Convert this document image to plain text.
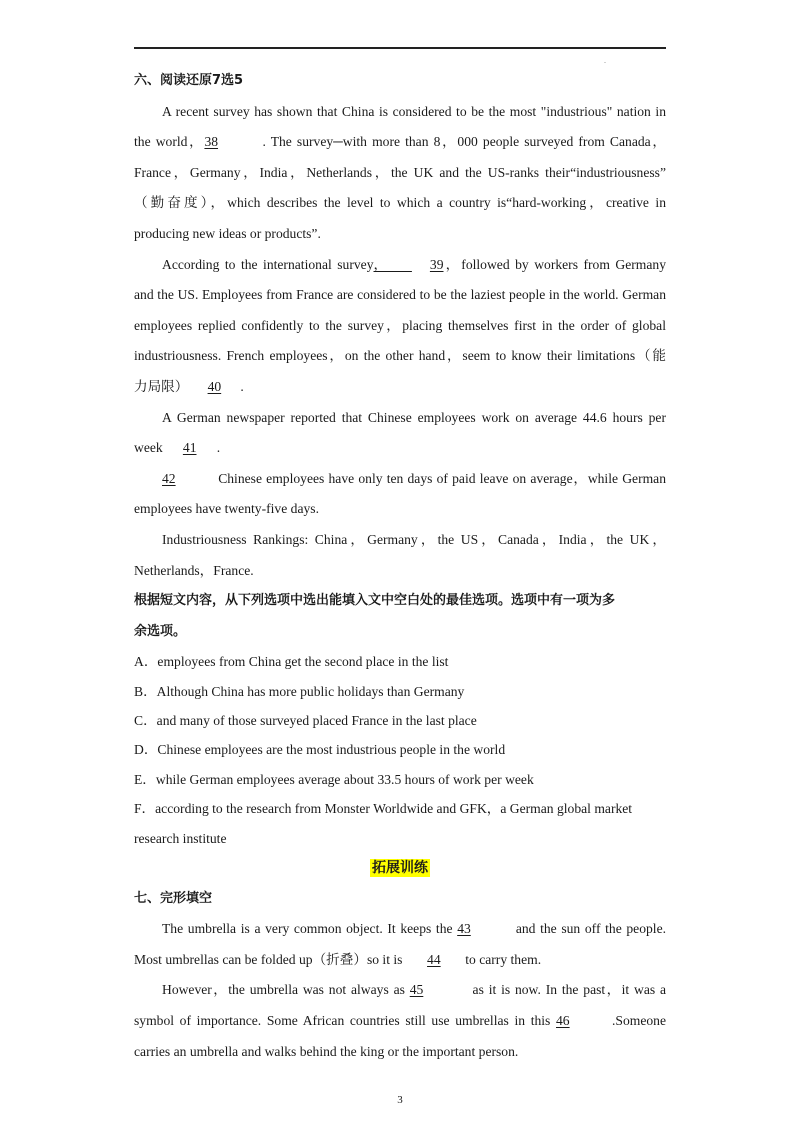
.
六、阅读还原7选5
A recent survey has shown that China is considered to be the most "industrious" nation in
the world，38	. The survey─with more than 8，000 people surveyed from Canada，
France，Germany，India，Netherlands，the UK and the US-ranks their“industriousness”
（勤奋度），which describes the level to which a country is“hard-working，creative in
producing new ideas or products”.
According to the international survey， 39，followed by workers from Germany
and the US. Employees from France are considered to be the laziest people in the world. German
employees replied confidently to the survey，placing themselves first in the order of global
industriousness. French employees，on the other hand，seem to know their limitations（能
力局限） 40 .
A German newspaper reported that Chinese employees work on average 44.6 hours per
week 41 .
42	Chinese employees have only ten days of paid leave on average，while German
employees have twenty-five days.
Industriousness Rankings: China，Germany，the US，Canada，India，the UK，
Netherlands，France.
根据短文内容，从下列选项中选出能填入文中空白处的最佳选项。选项中有一项为多
余选项。
A．employees from China get the second place in the list
B．Although China has more public holidays than Germany
C．and many of those surveyed placed France in the last place
D．Chinese employees are the most industrious people in the world
E．while German employees average about 33.5 hours of work per week
F．according to the research from Monster Worldwide and GFK，a German global market
research institute
拓展训练
七、完形填空
The umbrella is a very common object. It keeps the 43	and the sun off the people.
Most umbrellas can be folded up（折叠）so it is 44 to carry them.
However，the umbrella was not always as 45	as it is now. In the past，it was a
symbol of importance. Some African countries still use umbrellas in this 46	.Someone
carries an umbrella and walks behind the king or the important person.
3
